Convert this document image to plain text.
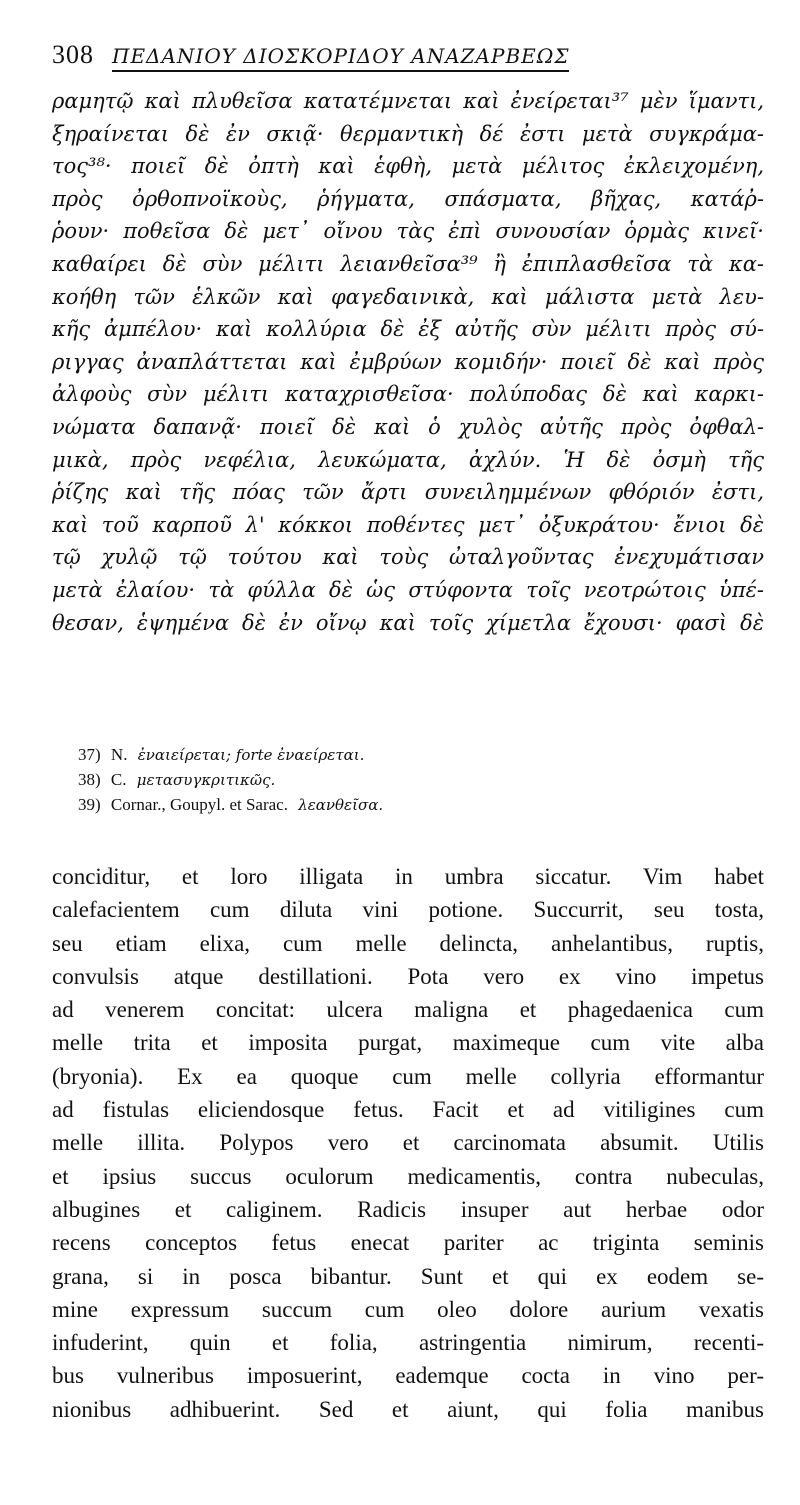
308 ΠΕΔΑΝΙΟΥ ΔΙΟΣΚΟΡΙΔΟΥ ΑΝΑΖΑΡΒΕΩΣ
ραμητῷ καὶ πλυθεῖσα κατατέμνεται καὶ ἐνείρεται³⁷ μὲν ἵμαντι,
ξηραίνεται δὲ ἐν σκιᾷ· θερμαντικὴ δέ ἐστι μετὰ συγκράμα-
τος³⁸· ποιεῖ δὲ ὀπτὴ καὶ ἑφθὴ, μετὰ μέλιτος ἐκλειχομένη,
πρὸς ὀρθοπνοϊκοὺς, ῥήγματα, σπάσματα, βῆχας, κατάῤ-
ῥουν· ποθεῖσα δὲ μετ᾽ οἴνου τὰς ἐπὶ συνουσίαν ὁρμὰς κινεῖ·
καθαίρει δὲ σὺν μέλιτι λειανθεῖσα³⁹ ἢ ἐπιπλασθεῖσα τὰ κα-
κοήθη τῶν ἑλκῶν καὶ φαγεδαινικὰ, καὶ μάλιστα μετὰ λευ-
κῆς ἀμπέλου· καὶ κολλύρια δὲ ἐξ αὐτῆς σὺν μέλιτι πρὸς σύ-
ριγγας ἀναπλάττεται καὶ ἐμβρύων κομιδήν· ποιεῖ δὲ καὶ πρὸς
ἀλφοὺς σὺν μέλιτι καταχρισθεῖσα· πολύποδας δὲ καὶ καρκι-
νώματα δαπανᾷ· ποιεῖ δὲ καὶ ὁ χυλὸς αὐτῆς πρὸς ὀφθαλ-
μικὰ, πρὸς νεφέλια, λευκώματα, ἀχλύν. Ἡ δὲ ὀσμὴ τῆς
ῥίζης καὶ τῆς πόας τῶν ἄρτι συνειλημμένων φθόριόν ἐστι,
καὶ τοῦ καρποῦ λ' κόκκοι ποθέντες μετ᾽ ὀξυκράτου· ἔνιοι δὲ
τῷ χυλῷ τῷ τούτου καὶ τοὺς ὠταλγοῦντας ἐνεχυμάτισαν
μετὰ ἐλαίου· τὰ φύλλα δὲ ὡς στύφοντα τοῖς νεοτρώτοις ὑπέ-
θεσαν, ἑψημένα δὲ ἐν οἴνῳ καὶ τοῖς χίμετλα ἔχουσι· φασὶ δὲ
37) N. ἐναιείρεται; forte ἐναείρεται.
38) C. μετασυγκριτικῶς.
39) Cornar., Goupyl. et Sarac. λεανθεῖσα.
conciditur, et loro illigata in umbra siccatur. Vim habet
calefacientem cum diluta vini potione. Succurrit, seu tosta,
seu etiam elixa, cum melle delincta, anhelantibus, ruptis,
convulsis atque destillationi. Pota vero ex vino impetus
ad venerem concitat: ulcera maligna et phagedaenica cum
melle trita et imposita purgat, maximeque cum vite alba
(bryonia). Ex ea quoque cum melle collyria efformantur
ad fistulas eliciendosque fetus. Facit et ad vitiligines cum
melle illita. Polypos vero et carcinomata absumit. Utilis
et ipsius succus oculorum medicamentis, contra nubeculas,
albugines et caliginem. Radicis insuper aut herbae odor
recens conceptos fetus enecat pariter ac triginta seminis
grana, si in posca bibantur. Sunt et qui ex eodem se-
mine expressum succum cum oleo dolore aurium vexatis
infuderint, quin et folia, astringentia nimirum, recenti-
bus vulneribus imposuerint, eademque cocta in vino per-
nionibus adhibuerint. Sed et aiunt, qui folia manibus
